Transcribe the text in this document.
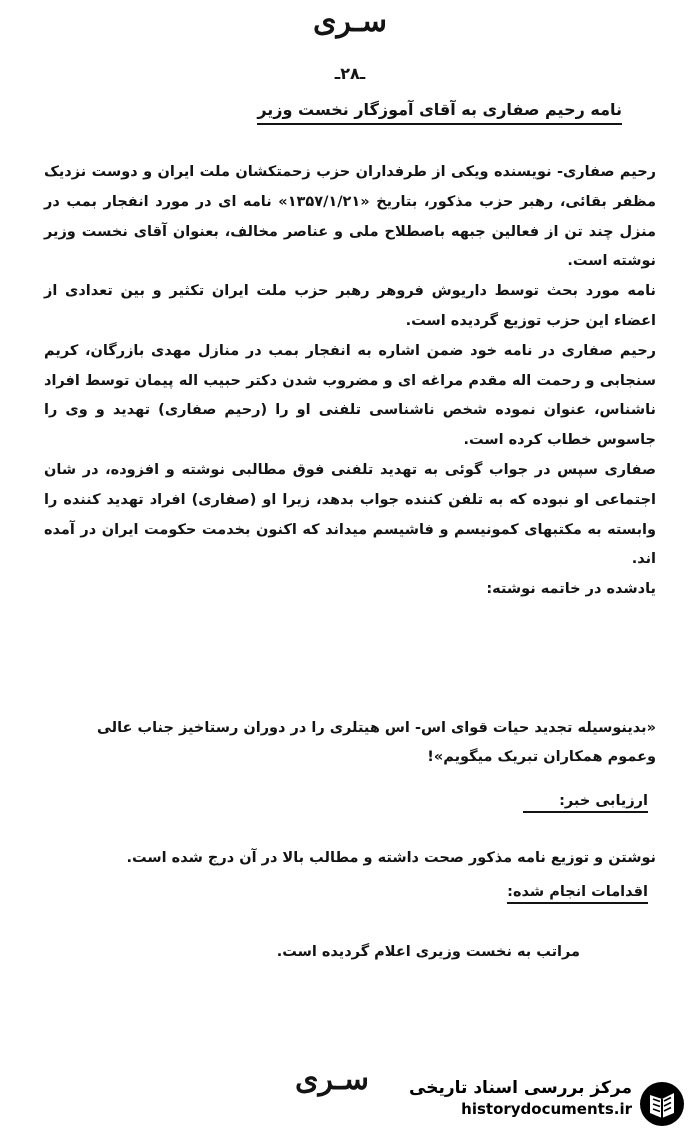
سـری
ـ۲۸ـ
نامه رحیم صفاری به آقای آموزگار نخست وزیر

رحیم صفاری- نویسنده ویکی از طرفداران حزب زحمتکشان ملت ایران و دوست نزدیک مظفر بقائی، رهبر حزب مذکور، بتاریخ «۱۳۵۷/۱/۲۱» نامه ای در مورد انفجار بمب در منزل چند تن از فعالین جبهه باصطلاح ملی و عناصر مخالف، بعنوان آقای نخست وزیر نوشته است.

نامه مورد بحث توسط داریوش فروهر رهبر حزب ملت ایران تکثیر و بین تعدادی از اعضاء این حزب توزیع گردیده است.

رحیم صفاری در نامه خود ضمن اشاره به انفجار بمب در منازل مهدی بازرگان، کریم سنجابی و رحمت اله مقدم مراغه ای و مضروب شدن دکتر حبیب اله پیمان توسط افراد ناشناس، عنوان نموده شخص ناشناسی تلفنی او را (رحیم صفاری) تهدید و وی را جاسوس خطاب کرده است.

صفاری سپس در جواب گوئی به تهدید تلفنی فوق مطالبی نوشته و افزوده، در شان اجتماعی او نبوده که به تلفن کننده جواب بدهد، زیرا او (صفاری) افراد تهدید کننده را وابسته به مکتبهای کمونیسم و فاشیسم میداند که اکنون بخدمت حکومت ایران در آمده اند.

یادشده در خاتمه نوشته:

«بدینوسیله تجدید حیات قوای اس- اس هیتلری را در دوران رستاخیز جناب عالی وعموم همکاران تبریک میگویم»!

ارزیابی خبر:
نوشتن و توزیع نامه مذکور صحت داشته و مطالب بالا در آن درج شده است.
اقدامات انجام شده:
مراتب به نخست وزیری اعلام گردیده است.
سـری	مرکز بررسی اسناد تاریخی
historydocuments.ir
